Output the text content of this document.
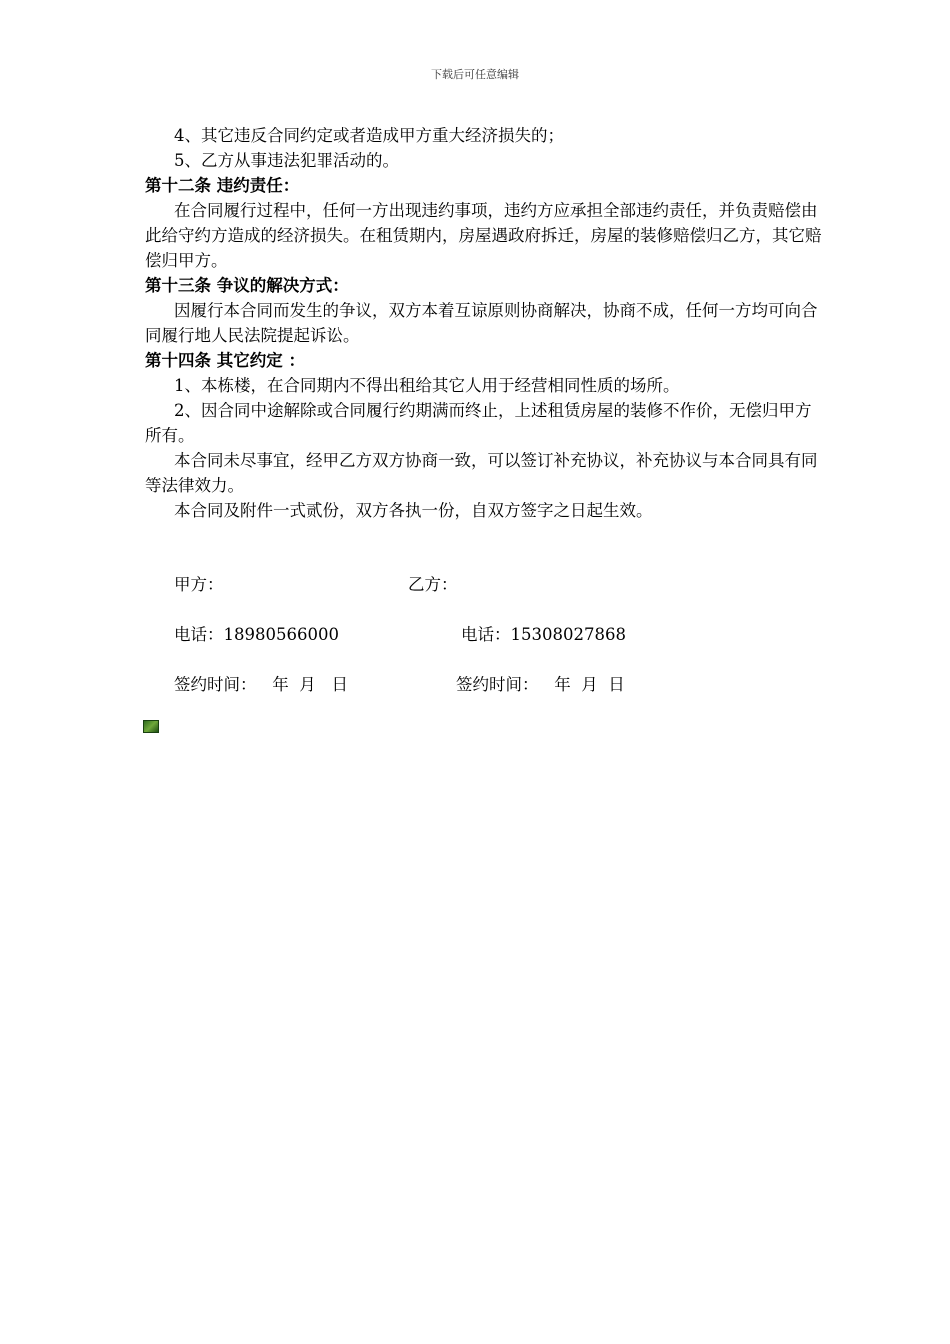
下载后可任意编辑

4、其它违反合同约定或者造成甲方重大经济损失的；

5、乙方从事违法犯罪活动的。

第十二条 违约责任：

在合同履行过程中，任何一方出现违约事项，违约方应承担全部违约责任，并负责赔偿由此给守约方造成的经济损失。在租赁期内，房屋遇政府拆迁，房屋的装修赔偿归乙方，其它赔偿归甲方。

第十三条 争议的解决方式：

因履行本合同而发生的争议，双方本着互谅原则协商解决，协商不成，任何一方均可向合同履行地人民法院提起诉讼。

第十四条 其它约定 ：

1、本栋楼，在合同期内不得出租给其它人用于经营相同性质的场所。

2、因合同中途解除或合同履行约期满而终止，上述租赁房屋的装修不作价，无偿归甲方所有。

本合同未尽事宜，经甲乙方双方协商一致，可以签订补充协议，补充协议与本合同具有同等法律效力。

本合同及附件一式贰份，双方各执一份，自双方签字之日起生效。

甲方：	乙方：
电话：18980566000	电话：15308027868
签约时间：   年  月   日	签约时间：   年  月  日
